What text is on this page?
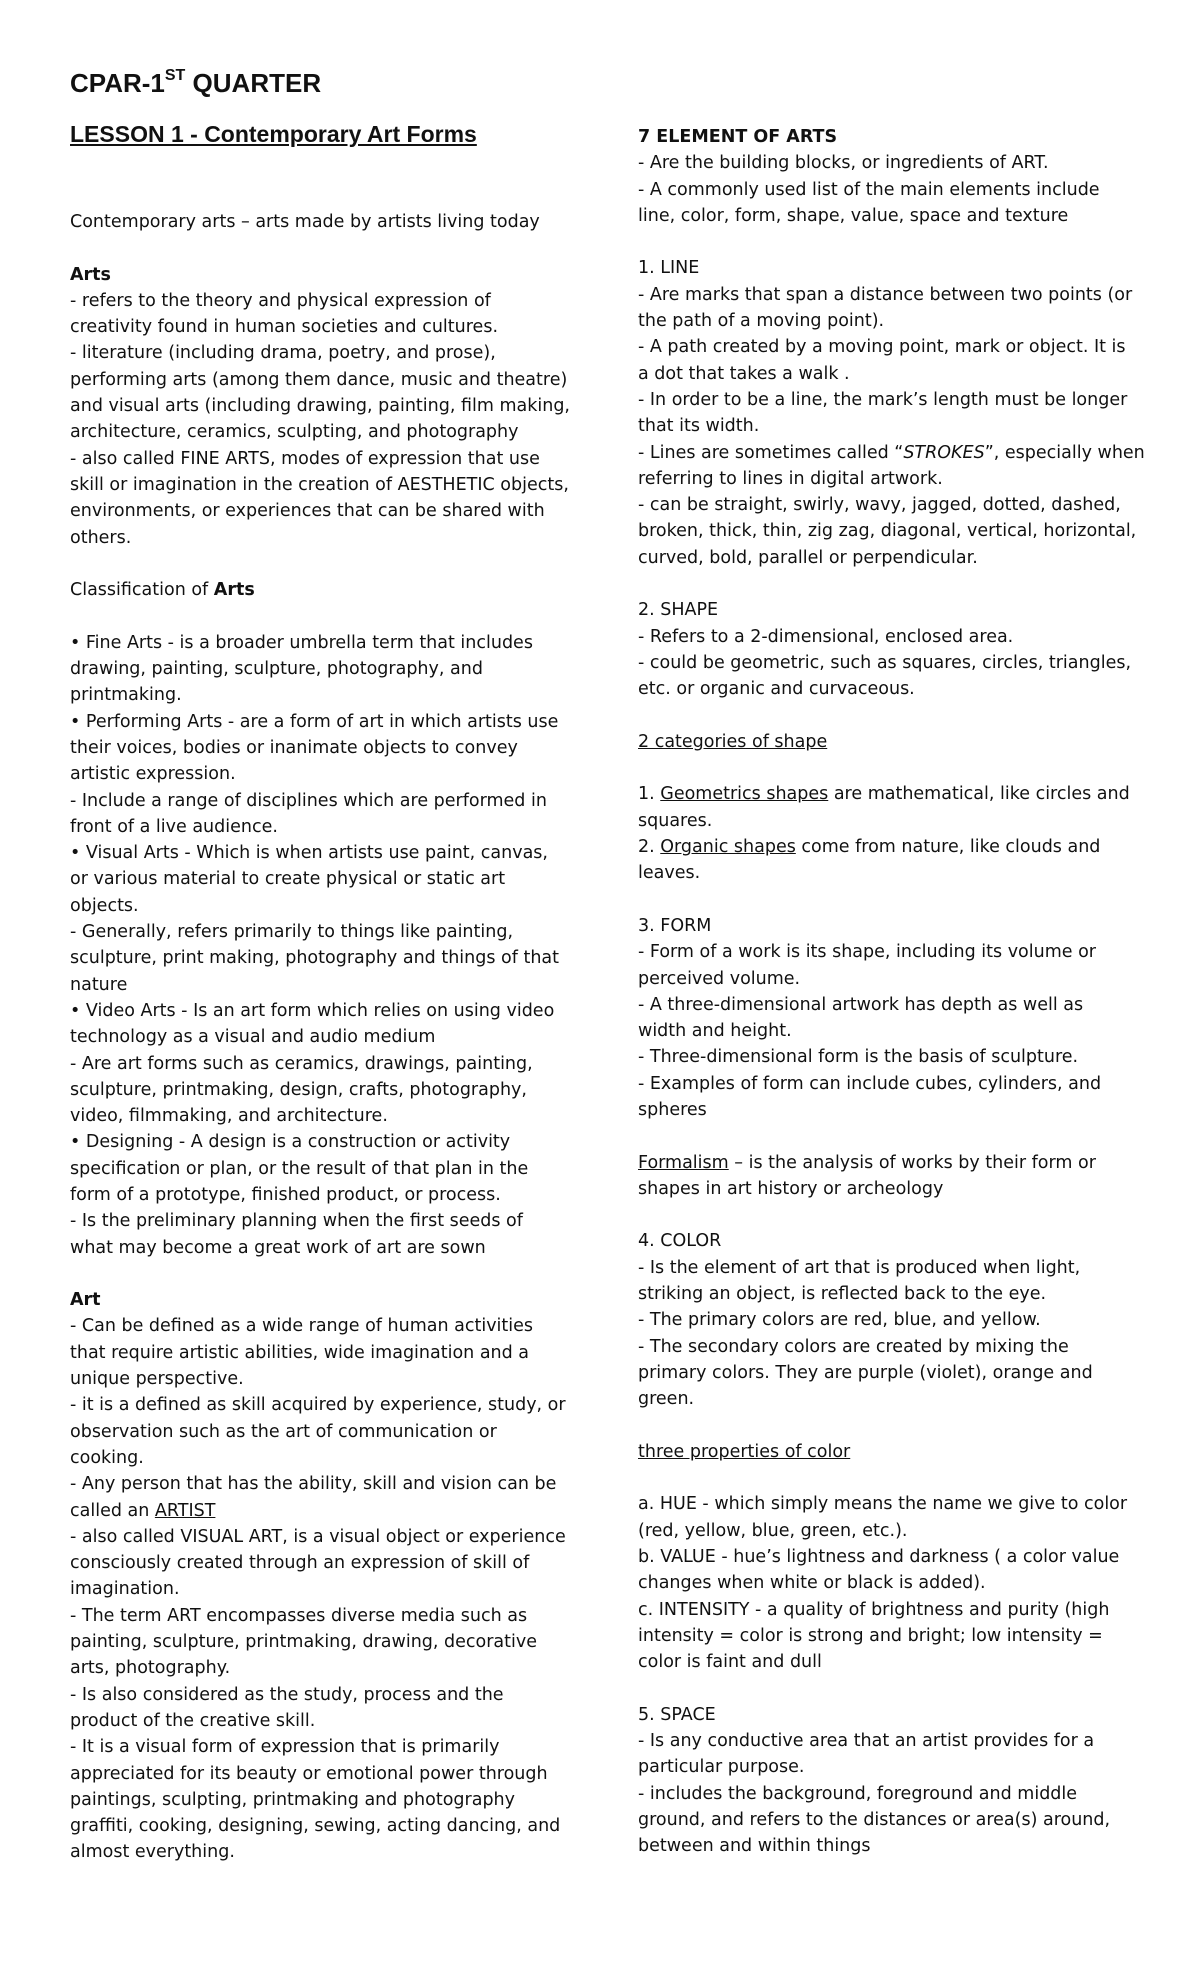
CPAR-1ST QUARTER
LESSON 1 - Contemporary Art Forms
Contemporary arts – arts made by artists living today
Arts
- refers to the theory and physical expression of
creativity found in human societies and cultures.
- literature (including drama, poetry, and prose),
performing arts (among them dance, music and theatre)
and visual arts (including drawing, painting, film making,
architecture, ceramics, sculpting, and photography
- also called FINE ARTS, modes of expression that use
skill or imagination in the creation of AESTHETIC objects,
environments, or experiences that can be shared with
others.
Classification of Arts
• Fine Arts - is a broader umbrella term that includes
drawing, painting, sculpture, photography, and
printmaking.
• Performing Arts - are a form of art in which artists use
their voices, bodies or inanimate objects to convey
artistic expression.
- Include a range of disciplines which are performed in
front of a live audience.
• Visual Arts - Which is when artists use paint, canvas,
or various material to create physical or static art
objects.
- Generally, refers primarily to things like painting,
sculpture, print making, photography and things of that
nature
• Video Arts - Is an art form which relies on using video
technology as a visual and audio medium
- Are art forms such as ceramics, drawings, painting,
sculpture, printmaking, design, crafts, photography,
video, filmmaking, and architecture.
• Designing - A design is a construction or activity
specification or plan, or the result of that plan in the
form of a prototype, finished product, or process.
- Is the preliminary planning when the first seeds of
what may become a great work of art are sown
Art
- Can be defined as a wide range of human activities
that require artistic abilities, wide imagination and a
unique perspective.
- it is a defined as skill acquired by experience, study, or
observation such as the art of communication or
cooking.
- Any person that has the ability, skill and vision can be
called an ARTIST
- also called VISUAL ART, is a visual object or experience
consciously created through an expression of skill of
imagination.
- The term ART encompasses diverse media such as
painting, sculpture, printmaking, drawing, decorative
arts, photography.
- Is also considered as the study, process and the
product of the creative skill.
- It is a visual form of expression that is primarily
appreciated for its beauty or emotional power through
paintings, sculpting, printmaking and photography
graffiti, cooking, designing, sewing, acting dancing, and
almost everything.
7 ELEMENT OF ARTS
- Are the building blocks, or ingredients of ART.
- A commonly used list of the main elements include
line, color, form, shape, value, space and texture
1. LINE
- Are marks that span a distance between two points (or
the path of a moving point).
- A path created by a moving point, mark or object. It is
a dot that takes a walk .
- In order to be a line, the mark’s length must be longer
that its width.
- Lines are sometimes called “STROKES”, especially when
referring to lines in digital artwork.
- can be straight, swirly, wavy, jagged, dotted, dashed,
broken, thick, thin, zig zag, diagonal, vertical, horizontal,
curved, bold, parallel or perpendicular.
2. SHAPE
- Refers to a 2-dimensional, enclosed area.
- could be geometric, such as squares, circles, triangles,
etc. or organic and curvaceous.
2 categories of shape
1. Geometrics shapes are mathematical, like circles and
squares.
2. Organic shapes come from nature, like clouds and
leaves.
3. FORM
- Form of a work is its shape, including its volume or
perceived volume.
- A three-dimensional artwork has depth as well as
width and height.
- Three-dimensional form is the basis of sculpture.
- Examples of form can include cubes, cylinders, and
spheres
Formalism – is the analysis of works by their form or
shapes in art history or archeology
4. COLOR
- Is the element of art that is produced when light,
striking an object, is reflected back to the eye.
- The primary colors are red, blue, and yellow.
- The secondary colors are created by mixing the
primary colors. They are purple (violet), orange and
green.
three properties of color
a. HUE - which simply means the name we give to color
(red, yellow, blue, green, etc.).
b. VALUE - hue’s lightness and darkness ( a color value
changes when white or black is added).
c. INTENSITY - a quality of brightness and purity (high
intensity = color is strong and bright; low intensity =
color is faint and dull
5. SPACE
- Is any conductive area that an artist provides for a
particular purpose.
- includes the background, foreground and middle
ground, and refers to the distances or area(s) around,
between and within things
